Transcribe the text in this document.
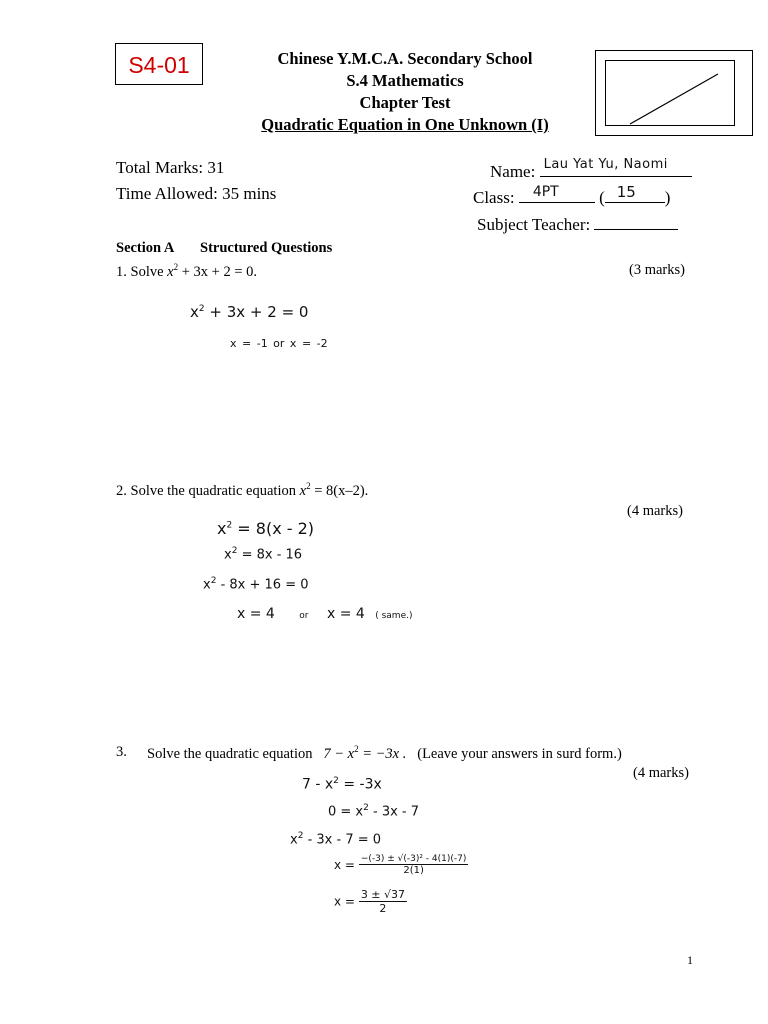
S4-01	Chinese Y.M.C.A. Secondary School
S.4 Mathematics
Chapter Test
Quadratic Equation in One Unknown (I)
Total Marks: 31
Time Allowed: 35 mins
Name: Lau Yat Yu, Naomi
Class: 4PT ( 15 )
Subject Teacher:
Section A Structured Questions
1. Solve $x^2 + 3x + 2 = 0$.	(3 marks)
$x^2 + 3x + 2 = 0$
x = -1 or x = -2
2. Solve the quadratic equation $x^2 = 8(x-2)$.
(4 marks)
$x^2 = 8(x - 2)$
$x^2 = 8x - 16$
$x^2 - 8x + 16 = 0$
x = 4	or x = 4 ( same.)
3. Solve the quadratic equation $7 - x^2 = -3x$ . (Leave your answers in surd form.)
(4 marks)
$7 - x^2 = -3x$
$0 = x^2 - 3x - 7$
$x^2 - 3x - 7 = 0$
$x = \frac{\text{−(-3) ± √(-3)² - 4(1)(-7)}}{2(1)}$
$x = \frac{3 \pm √37}{2}$
1
